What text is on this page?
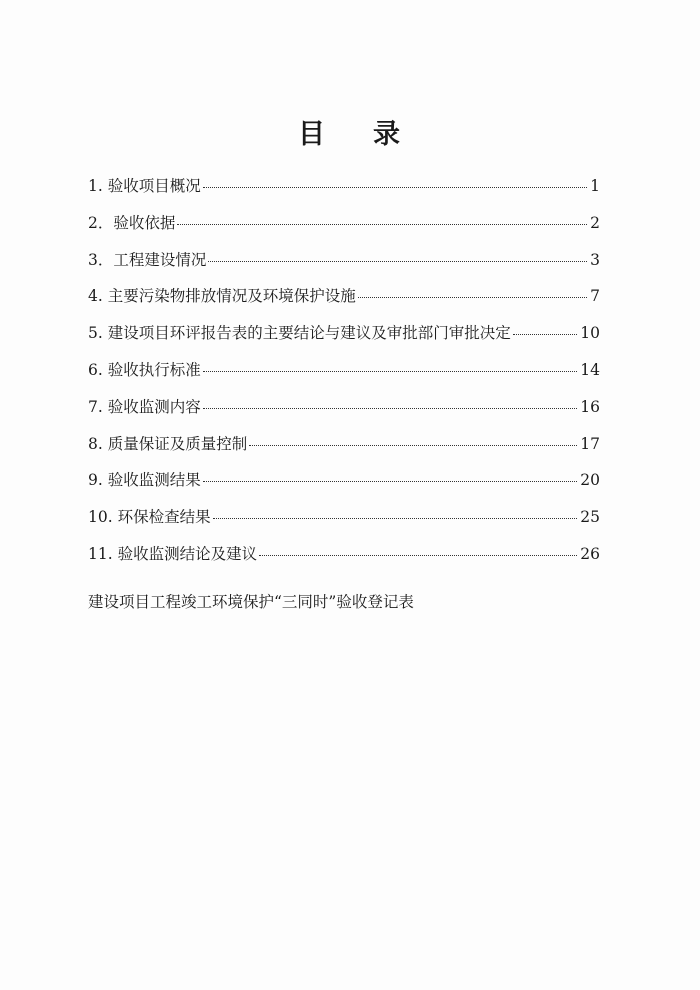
目 录
1. 验收项目概况	1
2．验收依据	2
3．工程建设情况	3
4. 主要污染物排放情况及环境保护设施	7
5. 建设项目环评报告表的主要结论与建议及审批部门审批决定	10
6. 验收执行标准	14
7. 验收监测内容	16
8. 质量保证及质量控制	17
9. 验收监测结果	20
10. 环保检查结果	25
11. 验收监测结论及建议	26
建设项目工程竣工环境保护“三同时”验收登记表
